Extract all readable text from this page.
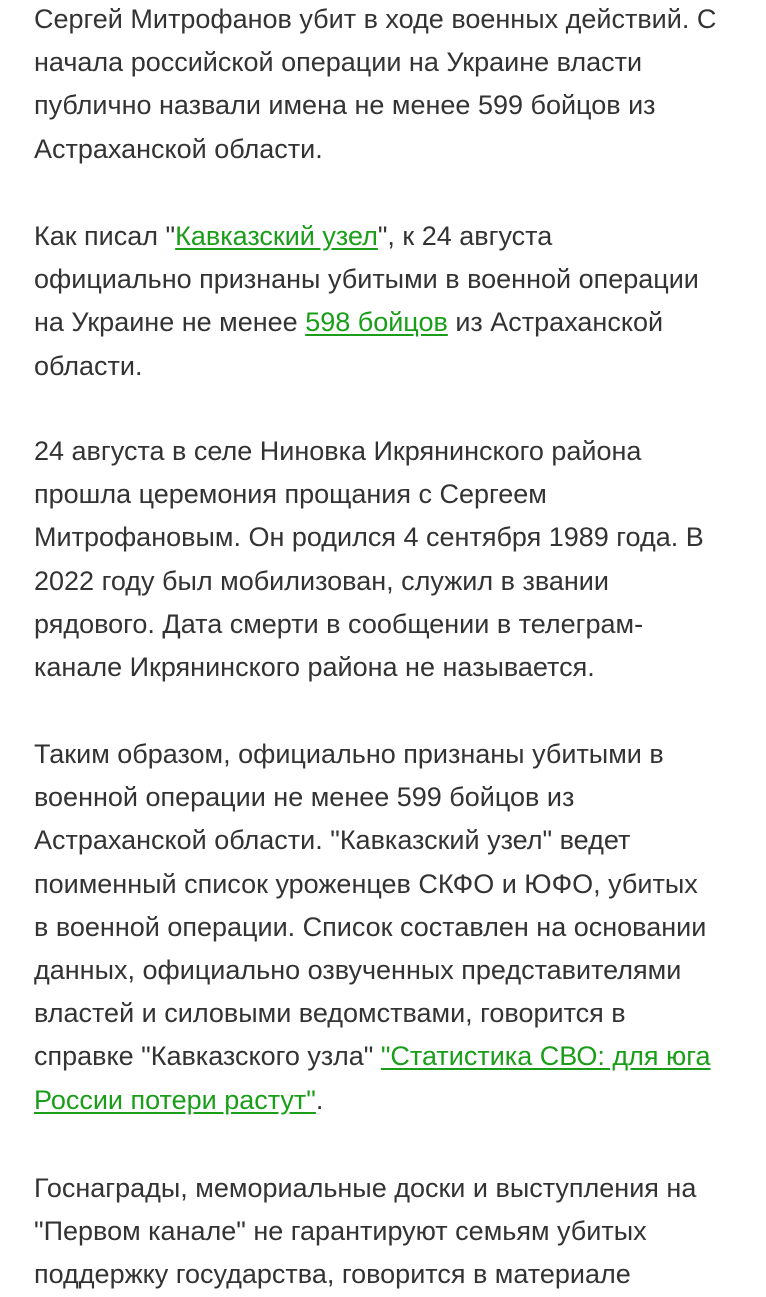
Сергей Митрофанов убит в ходе военных действий. С
начала российской операции на Украине власти
публично назвали имена не менее 599 бойцов из
Астраханской области.

Как писал "Кавказский узел", к 24 августа
официально признаны убитыми в военной операции
на Украине не менее 598 бойцов из Астраханской
области.

24 августа в селе Ниновка Икрянинского района
прошла церемония прощания с Сергеем
Митрофановым. Он родился 4 сентября 1989 года. В
2022 году был мобилизован, служил в звании
рядового. Дата смерти в сообщении в телеграм-
канале Икрянинского района не называется.

Таким образом, официально признаны убитыми в
военной операции не менее 599 бойцов из
Астраханской области. "Кавказский узел" ведет
поименный список уроженцев СКФО и ЮФО, убитых
в военной операции. Список составлен на основании
данных, официально озвученных представителями
властей и силовыми ведомствами, говорится в
справке "Кавказского узла" "Статистика СВО: для юга
России потери растут".

Госнаграды, мемориальные доски и выступления на
"Первом канале" не гарантируют семьям убитых
поддержку государства, говорится в материале
